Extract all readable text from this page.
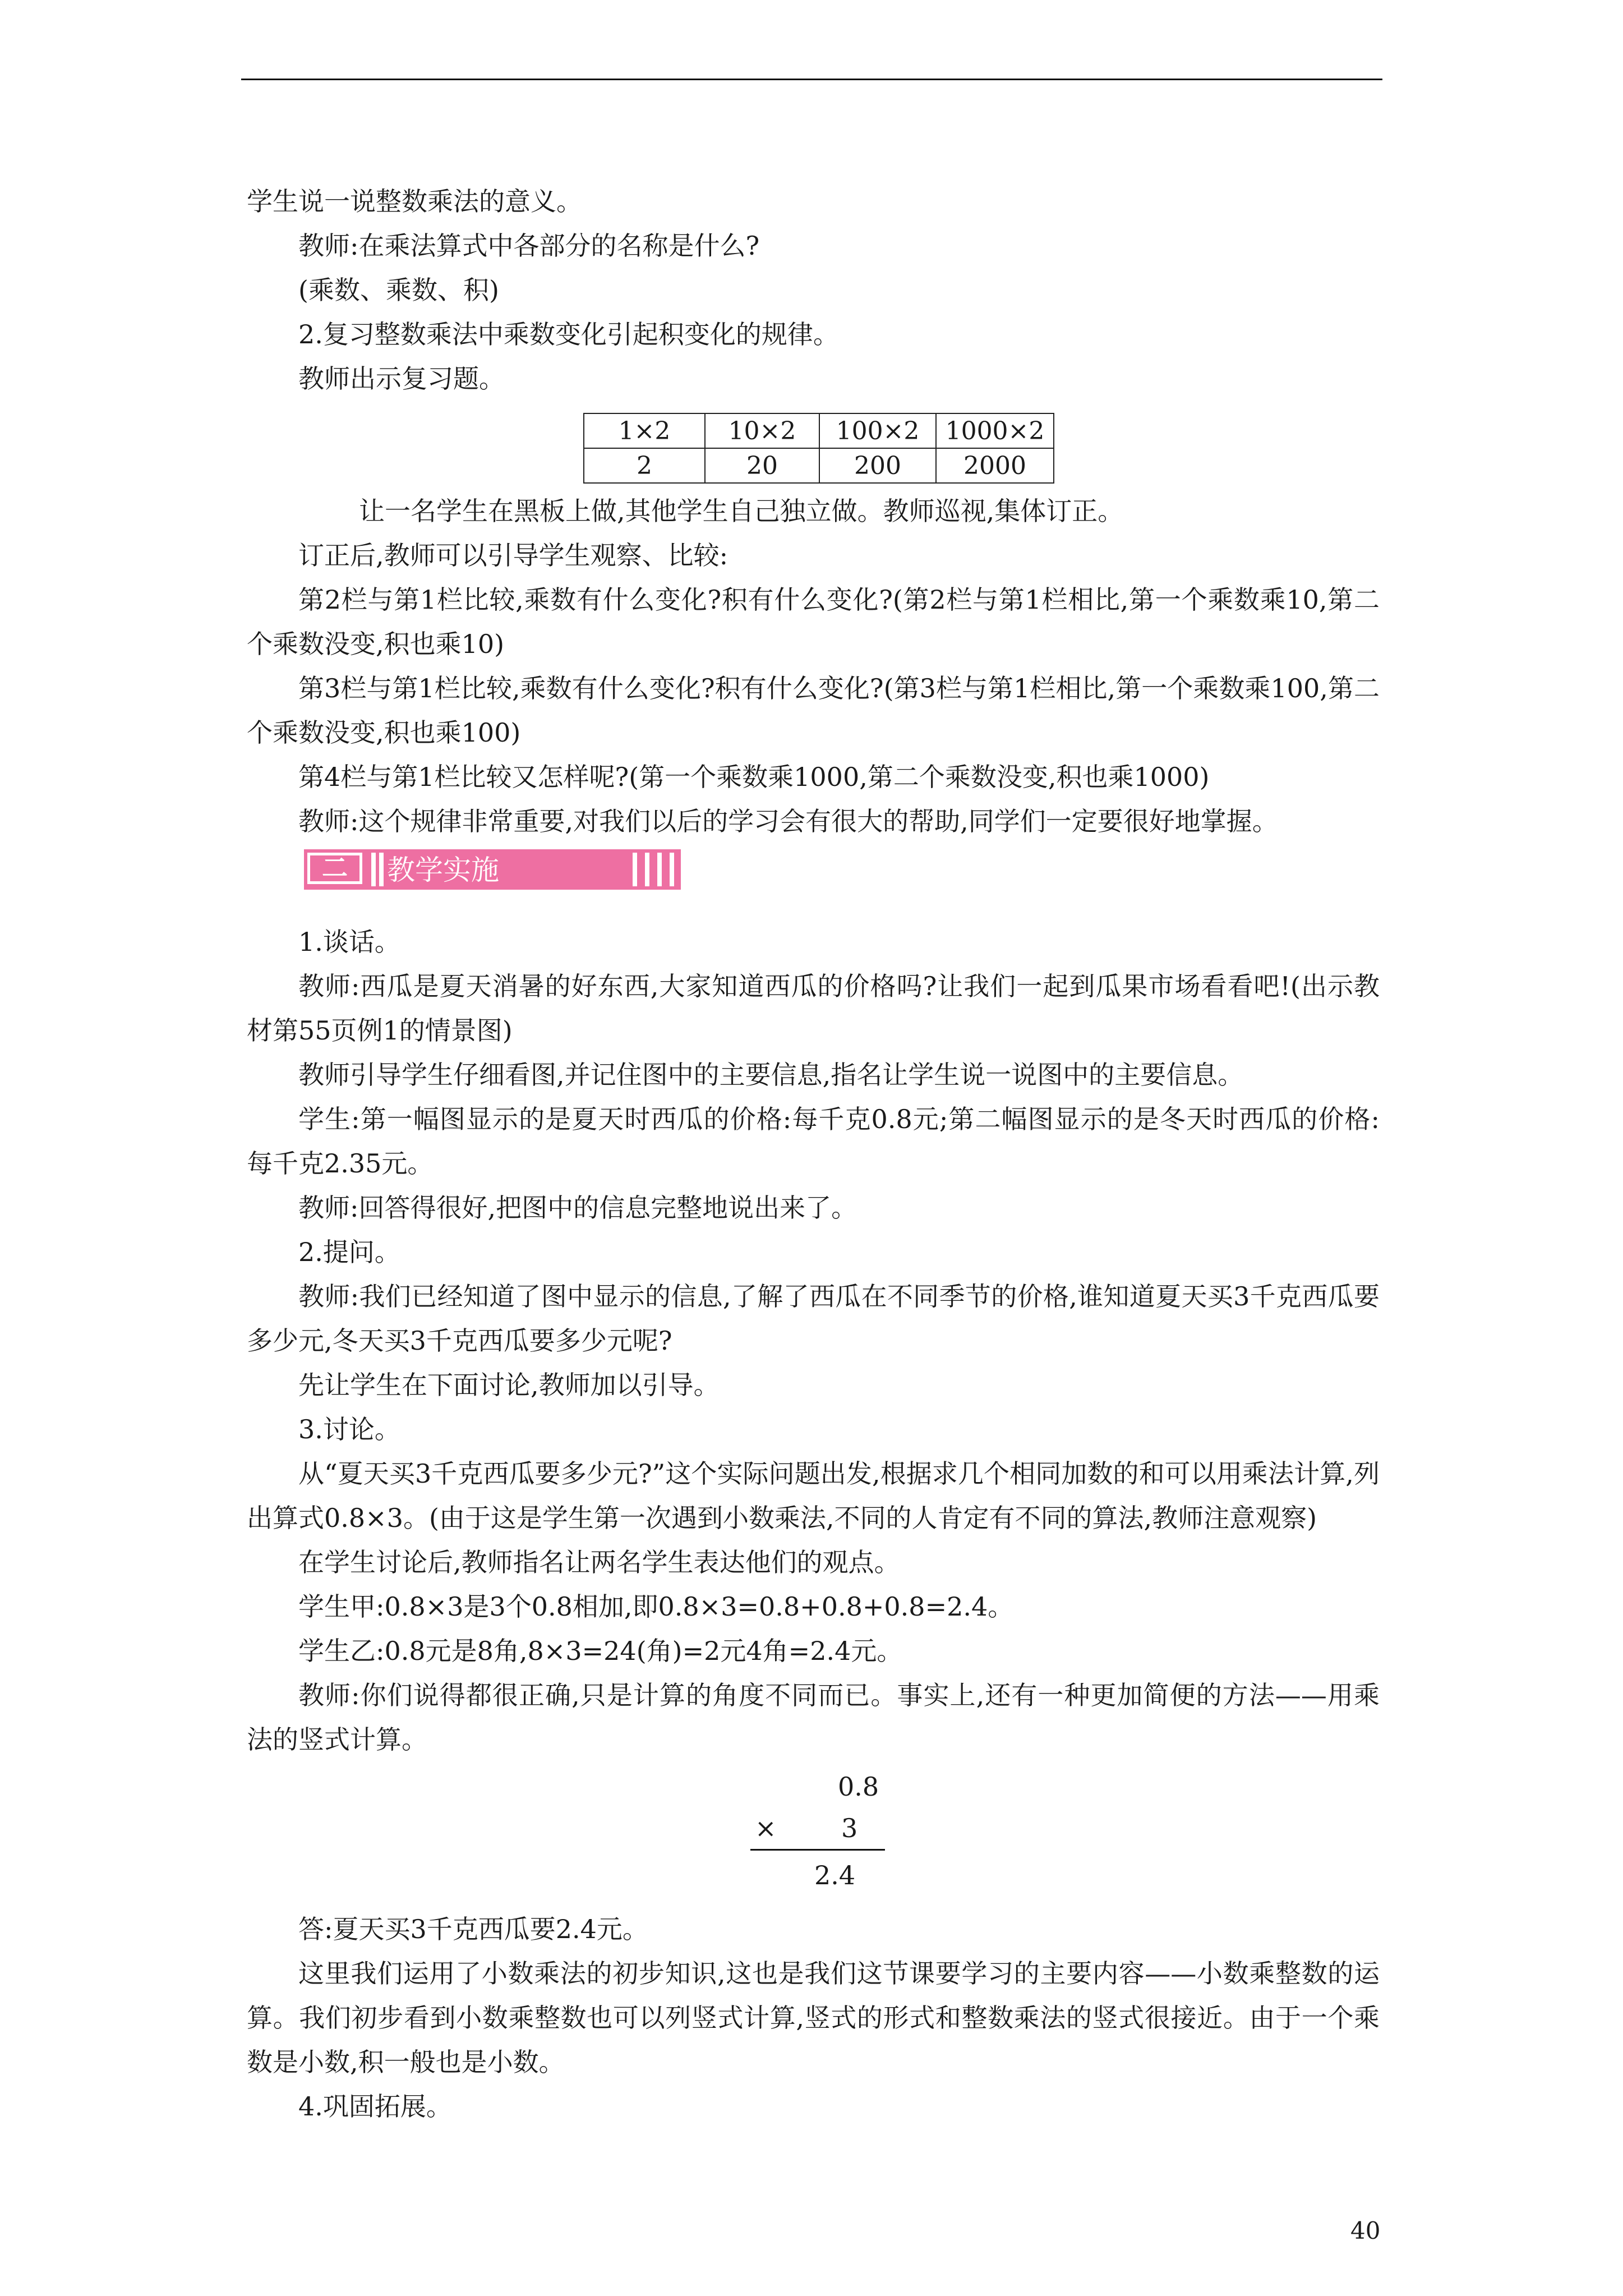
学生说一说整数乘法的意义。

教师:在乘法算式中各部分的名称是什么?

(乘数、乘数、积)

2.复习整数乘法中乘数变化引起积变化的规律。

教师出示复习题。

1×2	10×2	100×2	1000×2
2	20	200	2000

让一名学生在黑板上做,其他学生自己独立做。教师巡视,集体订正。

订正后,教师可以引导学生观察、比较:

第2栏与第1栏比较,乘数有什么变化?积有什么变化?(第2栏与第1栏相比,第一个乘数乘10,第二个乘数没变,积也乘10)

第3栏与第1栏比较,乘数有什么变化?积有什么变化?(第3栏与第1栏相比,第一个乘数乘100,第二个乘数没变,积也乘100)

第4栏与第1栏比较又怎样呢?(第一个乘数乘1000,第二个乘数没变,积也乘1000)

教师:这个规律非常重要,对我们以后的学习会有很大的帮助,同学们一定要很好地掌握。

二	教学实施

1.谈话。

教师:西瓜是夏天消暑的好东西,大家知道西瓜的价格吗?让我们一起到瓜果市场看看吧!(出示教材第55页例1的情景图)

教师引导学生仔细看图,并记住图中的主要信息,指名让学生说一说图中的主要信息。

学生:第一幅图显示的是夏天时西瓜的价格:每千克0.8元;第二幅图显示的是冬天时西瓜的价格:每千克2.35元。

教师:回答得很好,把图中的信息完整地说出来了。

2.提问。

教师:我们已经知道了图中显示的信息,了解了西瓜在不同季节的价格,谁知道夏天买3千克西瓜要多少元,冬天买3千克西瓜要多少元呢?

先让学生在下面讨论,教师加以引导。

3.讨论。

从“夏天买3千克西瓜要多少元?”这个实际问题出发,根据求几个相同加数的和可以用乘法计算,列出算式0.8×3。(由于这是学生第一次遇到小数乘法,不同的人肯定有不同的算法,教师注意观察)

在学生讨论后,教师指名让两名学生表达他们的观点。

学生甲:0.8×3是3个0.8相加,即0.8×3=0.8+0.8+0.8=2.4。

学生乙:0.8元是8角,8×3=24(角)=2元4角=2.4元。

教师:你们说得都很正确,只是计算的角度不同而已。事实上,还有一种更加简便的方法——用乘法的竖式计算。

0.8
×	3
2.4

答:夏天买3千克西瓜要2.4元。

这里我们运用了小数乘法的初步知识,这也是我们这节课要学习的主要内容——小数乘整数的运算。我们初步看到小数乘整数也可以列竖式计算,竖式的形式和整数乘法的竖式很接近。由于一个乘数是小数,积一般也是小数。

4.巩固拓展。

40
